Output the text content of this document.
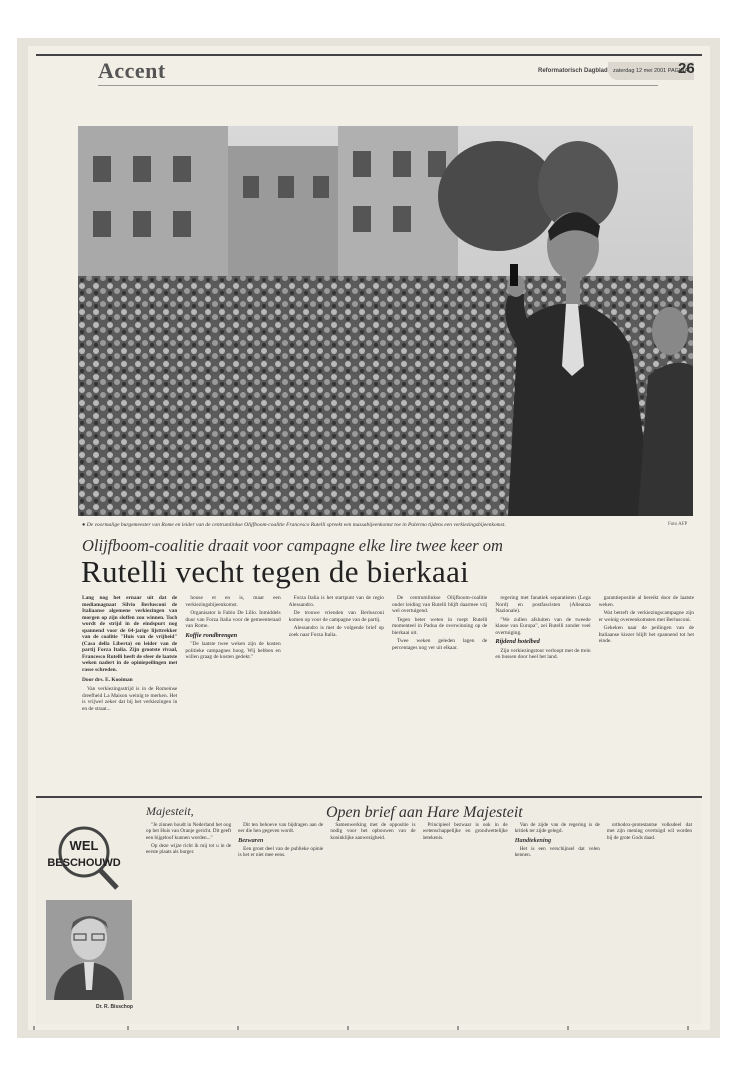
Accent	Reformatorisch Dagblad zaterdag 12 mei 2001 PAGINA
26
● De voormalige burgemeester van Rome en leider van de centrumlinkse Olijfboom-coalitie Francesco Rutelli spreekt een massabijeenkomst toe in Palermo tijdens een verkiezingsbijeenkomst.	Foto AFP
Olijfboom-coalitie draait voor campagne elke lire twee keer om
Rutelli vecht tegen de bierkaai

Lang nog het ernaar uit dat de mediamagnaat Silvio Berlusconi de Italiaanse algemene verkiezingen van morgen op zijn sloffen zou winnen. Toch wordt de strijd in de eindspurt nog spannend voor de 64-jarige lijsttrekker van de coalitie "Huis van de vrijheid" (Casa della Liberta) en leider van de partij Forza Italia. Zijn grootste rivaal, Francesco Rutelli heeft de sfeer de laatste weken nadert in de opiniepeilingen met rasse schreden.

Door drs. E. Kooiman

Van verkiezingsstrijd is in de Romeinse dreefheid La Maison weinig te merken. Het is vrijwel zeker dat bij het verkiezingen in en de straat...

house et en is, maar een verkiezingsbijeenkomst.

Organisator is Fabio De Lillo. Inmiddels duur van Forza Italia voor de gemeenteraad van Rome.

Koffie rondbrengen

"De laatste twee weken zijn de kosten politieke campagnes hoog. Wij hebben en willen graag de kosten gedekt."

Forza Italia is het startpunt van de regio Alessandro.

De trouwe vrienden van Berlusconi komen op voor de campagne van de partij.

Alessandro is met de volgende brief op zoek naar Forza Italia.

De centrumlinkse Olijfboom-coalitie onder leiding van Rutelli blijft daarmee vrij wel overtuigend.

Tegen beter weten in roept Rutelli momenteel in Padua de overwinning op de bierkaai uit.

Twee weken geleden lagen de percentages nog ver uit elkaar.

regering met fanatiek separatisten (Lega Nord) en postfascisten (Alleanza Nazionale).

"We zullen afsluiten van de tweede klasse van Europa", zei Rutelli zonder veel overtuiging.

Rijdend hotelbed

Zijn verkiezingstour verloopt met de trein en bussen door heel het land.

garantiepositie al bereikt door de laatste weken.

Wat betreft de verkiezingscampagne zijn er weinig overeenkomsten met Berlusconi.

Gekeken naar de peilingen van de Italiaanse kiezer blijft het spannend tot het einde.

WEL
BESCHOUWD
Dr. R. Bisschop
Majesteit,	Open brief aan Hare Majesteit

"Je zinnen houdt in Nederland het oog op het Huis van Oranje gericht. Dit geeft een bijgeloof kunnen worden..."

Op deze wijze richt ik mij tot u in de eerste plaats als burger.

Dit ten behoeve van bijdragen aan de eer die hen gegeven wordt.

Bezwaren

Een groot deel van de publieke opinie is het er niet mee eens.

Samenwerking met de oppositie is nodig voor het opbouwen van de koninklijke aanwezigheid.

Principieel bezwaar is ook in de wetenschappelijke en grondwettelijke betekenis.

Van de zijde van de regering is de kritiek ter zijde gelegd.

Handtekening

Het is een verschijnsel dat velen kennen.

orthodox-protestantse volksdeel dat met zijn mening overtuigd wil worden bij de grote Gods daad.
